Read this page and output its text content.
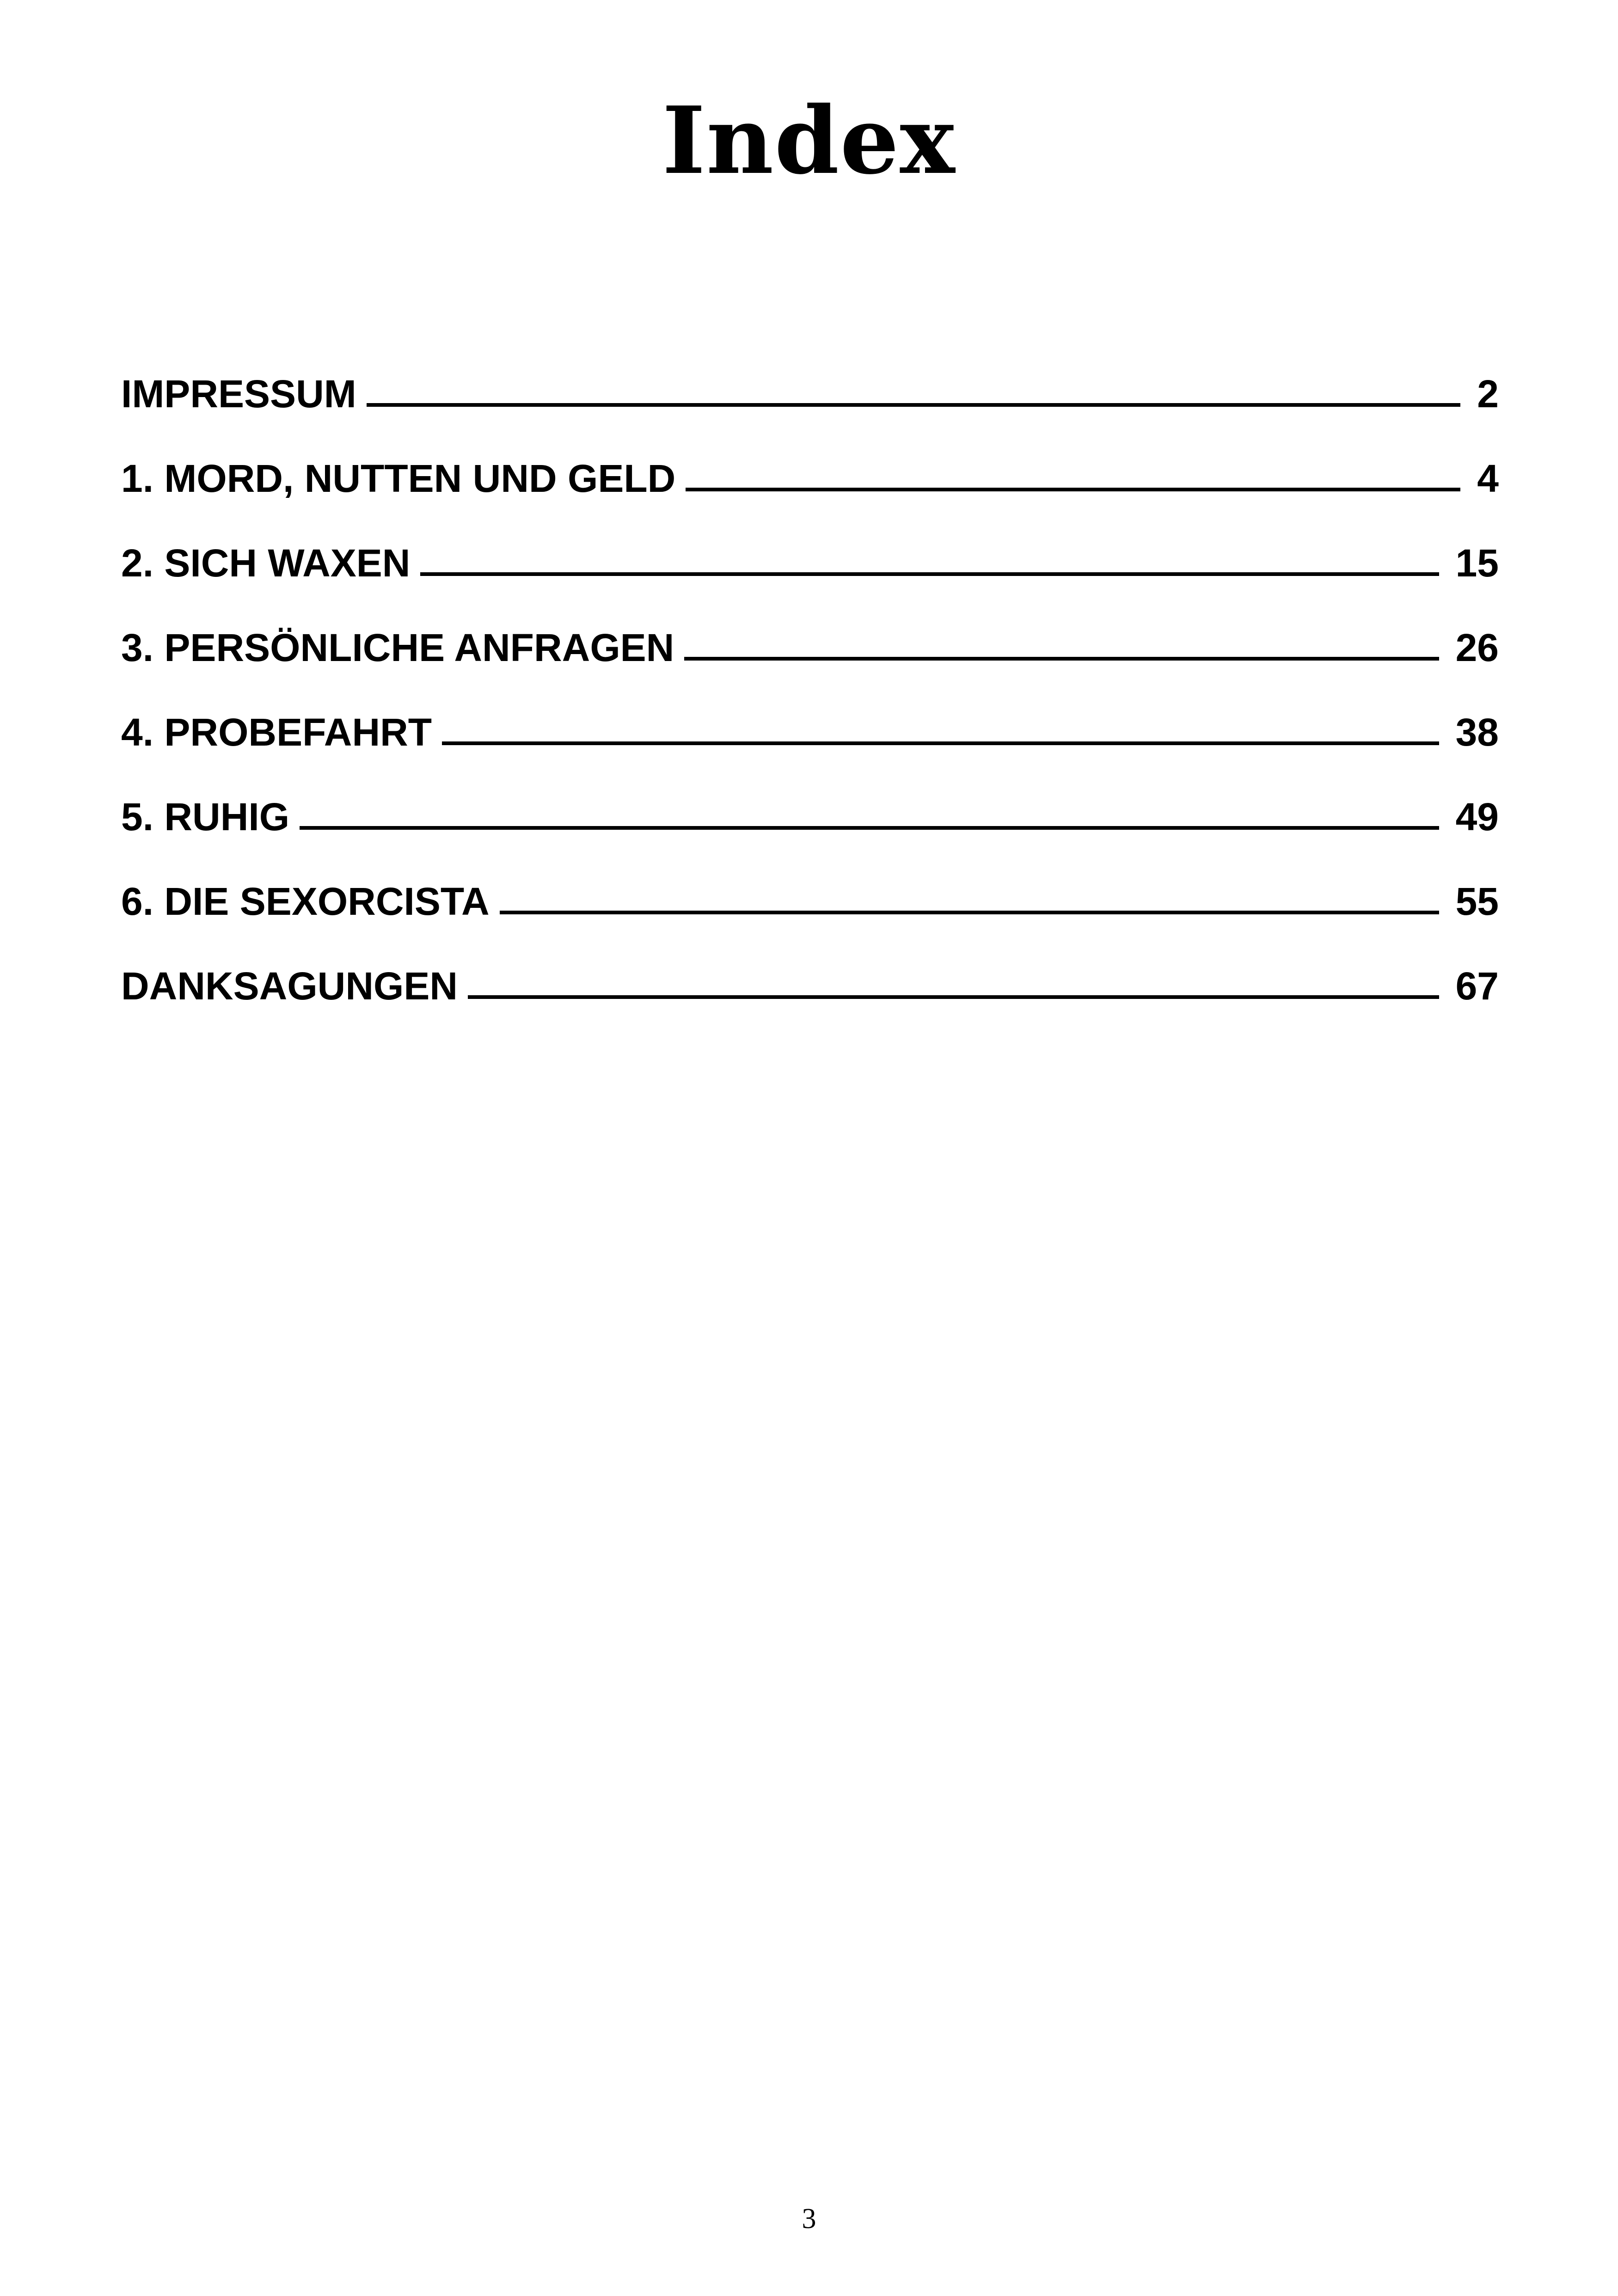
Index
IMPRESSUM	2
1. MORD, NUTTEN UND GELD	4
2. SICH WAXEN	15
3. PERSÖNLICHE ANFRAGEN	26
4. PROBEFAHRT	38
5. RUHIG	49
6. DIE SEXORCISTA	55
DANKSAGUNGEN	67
3
